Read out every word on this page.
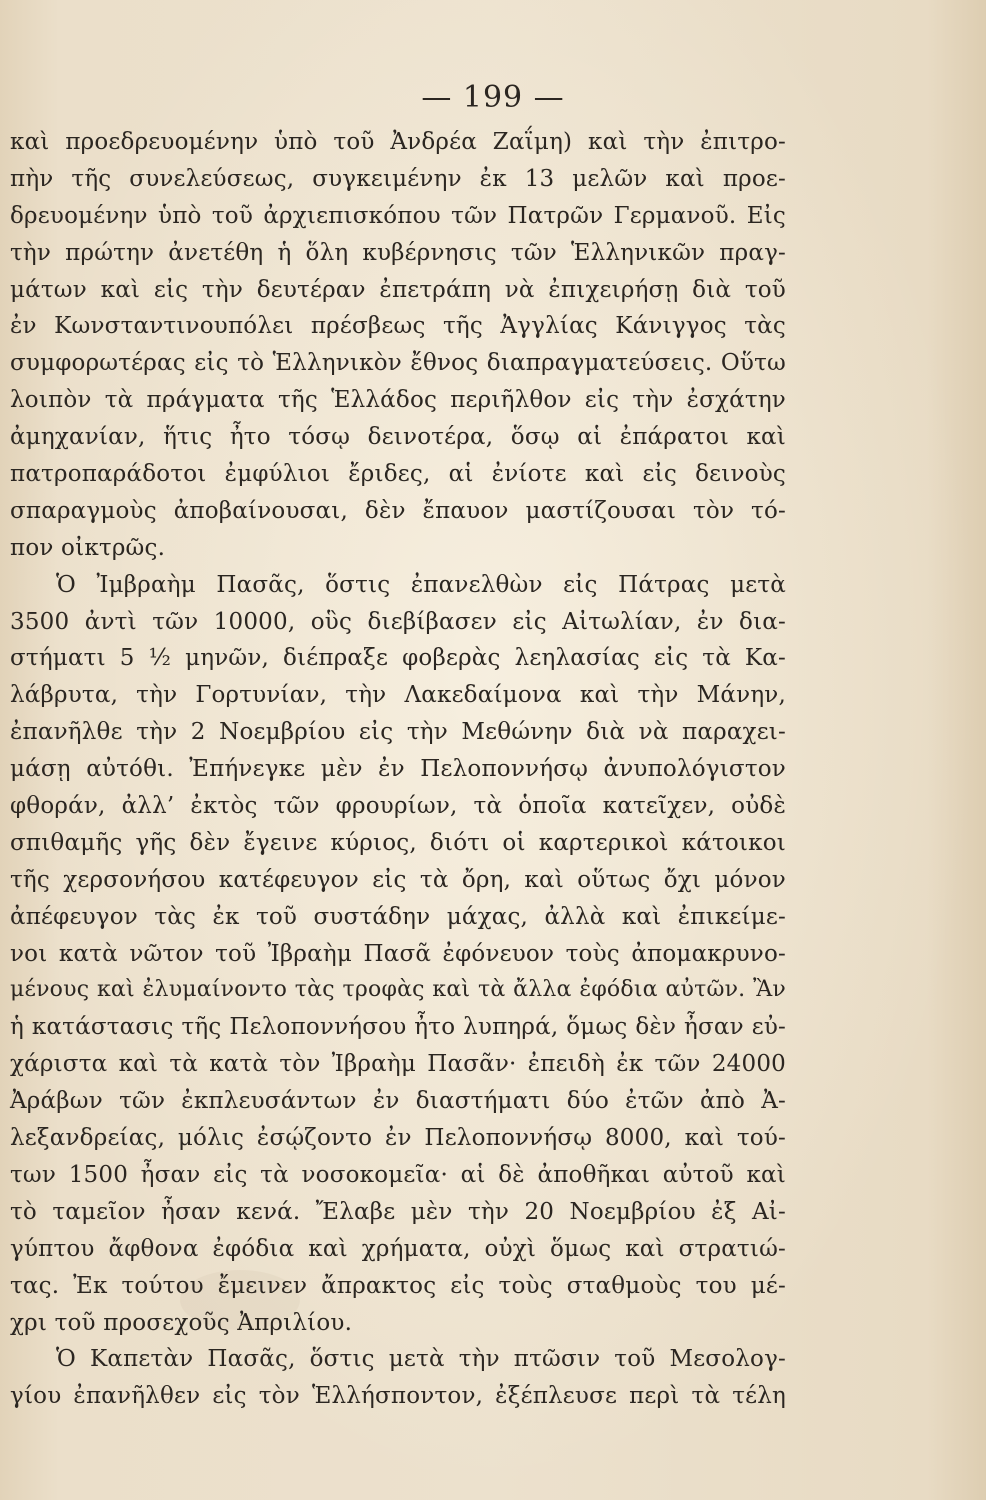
— 199 —
καὶ προεδρευομένην ὑπὸ τοῦ Ἀνδρέα Ζαΐμη) καὶ τὴν ἐπιτρο-
πὴν τῆς συνελεύσεως, συγκειμένην ἐκ 13 μελῶν καὶ προε-
δρευομένην ὑπὸ τοῦ ἀρχιεπισκόπου τῶν Πατρῶν Γερμανοῦ. Εἰς
τὴν πρώτην ἀνετέθη ἡ ὅλη κυβέρνησις τῶν Ἑλληνικῶν πραγ-
μάτων καὶ εἰς τὴν δευτέραν ἐπετράπη νὰ ἐπιχειρήσῃ διὰ τοῦ
ἐν Κωνσταντινουπόλει πρέσβεως τῆς Ἀγγλίας Κάνιγγος τὰς
συμφορωτέρας εἰς τὸ Ἑλληνικὸν ἔθνος διαπραγματεύσεις. Οὕτω
λοιπὸν τὰ πράγματα τῆς Ἑλλάδος περιῆλθον εἰς τὴν ἐσχάτην
ἀμηχανίαν, ἥτις ἦτο τόσῳ δεινοτέρα, ὅσῳ αἱ ἐπάρατοι καὶ
πατροπαράδοτοι ἐμφύλιοι ἔριδες, αἱ ἐνίοτε καὶ εἰς δεινοὺς
σπαραγμοὺς ἀποβαίνουσαι, δὲν ἔπαυον μαστίζουσαι τὸν τό-
πον οἰκτρῶς.
Ὁ Ἰμβραὴμ Πασᾶς, ὅστις ἐπανελθὼν εἰς Πάτρας μετὰ
3500 ἀντὶ τῶν 10000, οὓς διεβίβασεν εἰς Αἰτωλίαν, ἐν δια-
στήματι 5 ½ μηνῶν, διέπραξε φοβερὰς λεηλασίας εἰς τὰ Κα-
λάβρυτα, τὴν Γορτυνίαν, τὴν Λακεδαίμονα καὶ τὴν Μάνην,
ἐπανῆλθε τὴν 2 Νοεμβρίου εἰς τὴν Μεθώνην διὰ νὰ παραχει-
μάσῃ αὐτόθι. Ἐπήνεγκε μὲν ἐν Πελοποννήσῳ ἀνυπολόγιστον
φθοράν, ἀλλ’ ἐκτὸς τῶν φρουρίων, τὰ ὁποῖα κατεῖχεν, οὐδὲ
σπιθαμῆς γῆς δὲν ἔγεινε κύριος, διότι οἱ καρτερικοὶ κάτοικοι
τῆς χερσονήσου κατέφευγον εἰς τὰ ὄρη, καὶ οὕτως ὄχι μόνον
ἀπέφευγον τὰς ἐκ τοῦ συστάδην μάχας, ἀλλὰ καὶ ἐπικείμε-
νοι κατὰ νῶτον τοῦ Ἰβραὴμ Πασᾶ ἐφόνευον τοὺς ἀπομακρυνο-
μένους καὶ ἐλυμαίνοντο τὰς τροφὰς καὶ τὰ ἄλλα ἐφόδια αὐτῶν. Ἂν
ἡ κατάστασις τῆς Πελοποννήσου ἦτο λυπηρά, ὅμως δὲν ἦσαν εὐ-
χάριστα καὶ τὰ κατὰ τὸν Ἰβραὴμ Πασᾶν· ἐπειδὴ ἐκ τῶν 24000
Ἀράβων τῶν ἐκπλευσάντων ἐν διαστήματι δύο ἐτῶν ἀπὸ Ἀ-
λεξανδρείας, μόλις ἐσῴζοντο ἐν Πελοποννήσῳ 8000, καὶ τού-
των 1500 ἦσαν εἰς τὰ νοσοκομεῖα· αἱ δὲ ἀποθῆκαι αὐτοῦ καὶ
τὸ ταμεῖον ἦσαν κενά. Ἔλαβε μὲν τὴν 20 Νοεμβρίου ἐξ Αἰ-
γύπτου ἄφθονα ἐφόδια καὶ χρήματα, οὐχὶ ὅμως καὶ στρατιώ-
τας. Ἐκ τούτου ἔμεινεν ἄπρακτος εἰς τοὺς σταθμοὺς του μέ-
χρι τοῦ προσεχοῦς Ἀπριλίου.
Ὁ Καπετὰν Πασᾶς, ὅστις μετὰ τὴν πτῶσιν τοῦ Μεσολογ-
γίου ἐπανῆλθεν εἰς τὸν Ἑλλήσποντον, ἐξέπλευσε περὶ τὰ τέλη
